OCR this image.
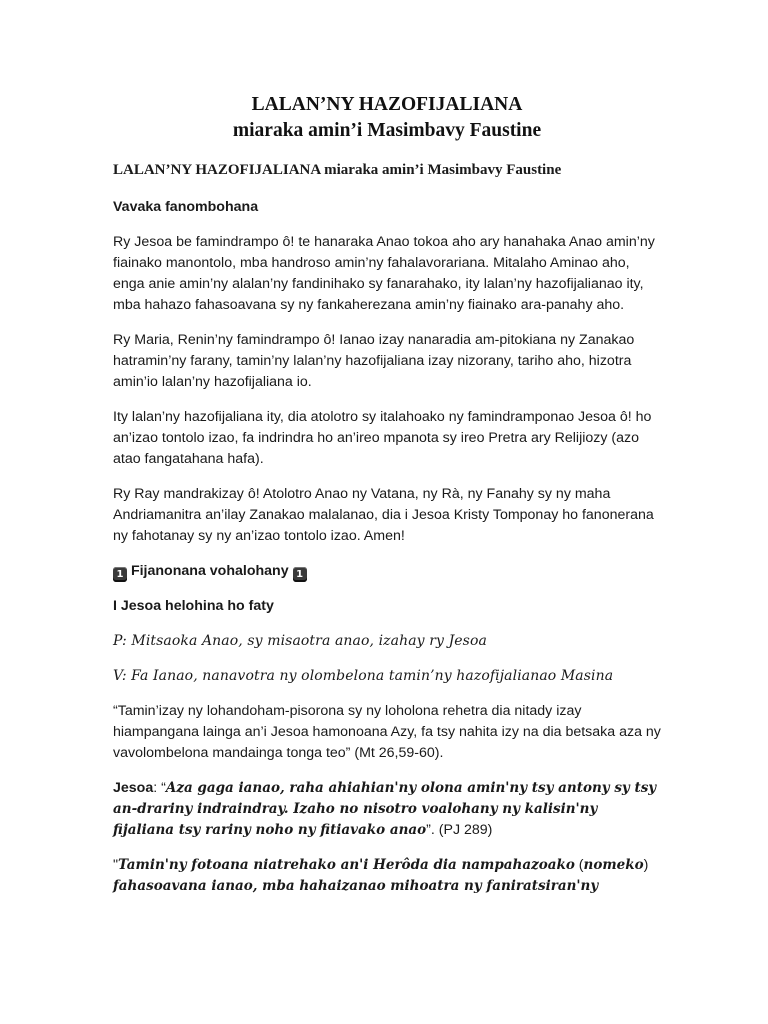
LALAN’NY HAZOFIJALIANA
miaraka amin’i Masimbavy Faustine

LALAN’NY HAZOFIJALIANA miaraka amin’i Masimbavy Faustine

Vavaka fanombohana

Ry Jesoa be famindrampo ô! te hanaraka Anao tokoa aho ary hanahaka Anao amin’ny fiainako manontolo, mba handroso amin’ny fahalavorariana. Mitalaho Aminao aho, enga anie amin’ny alalan’ny fandinihako sy fanarahako, ity lalan’ny hazofijalianao ity, mba hahazo fahasoavana sy ny fankaherezana amin’ny fiainako ara-panahy aho.

Ry Maria, Renin’ny famindrampo ô! Ianao izay nanaradia am-pitokiana ny Zanakao hatramin’ny farany, tamin’ny lalan’ny hazofijaliana izay nizorany, tariho aho, hizotra amin’io lalan’ny hazofijaliana io.

Ity lalan’ny hazofijaliana ity, dia atolotro sy italahoako ny famindramponao Jesoa ô! ho an’izao tontolo izao, fa indrindra ho an’ireo mpanota sy ireo Pretra ary Relijiozy (azo atao fangatahana hafa).

Ry Ray mandrakizay ô! Atolotro Anao ny Vatana, ny Rà, ny Fanahy sy ny maha Andriamanitra an’ilay Zanakao malalanao, dia i Jesoa Kristy Tomponay ho fanonerana ny fahotanay sy ny an’izao tontolo izao. Amen!

1 Fijanonana vohalohany 1

I Jesoa helohina ho faty

P: Mitsaoka Anao, sy misaotra anao, izahay ry Jesoa

V: Fa Ianao, nanavotra ny olombelona tamin’ny hazofijalianao Masina

“Tamin’izay ny lohandoham-pisorona sy ny loholona rehetra dia nitady izay hiampangana lainga an’i Jesoa hamonoana Azy, fa tsy nahita izy na dia betsaka aza ny vavolombelona mandainga tonga teo” (Mt 26,59-60).

Jesoa: “Aza gaga ianao, raha ahiahian'ny olona amin'ny tsy antony sy tsy an-drariny indraindray. Izaho no nisotro voalohany ny kalisin'ny fijaliana tsy rariny noho ny fitiavako anao”. (PJ 289)

"Tamin'ny fotoana niatrehako an'i Herôda dia nampahazoako (nomeko) fahasoavana ianao, mba hahaizanao mihoatra ny faniratsiran'ny
